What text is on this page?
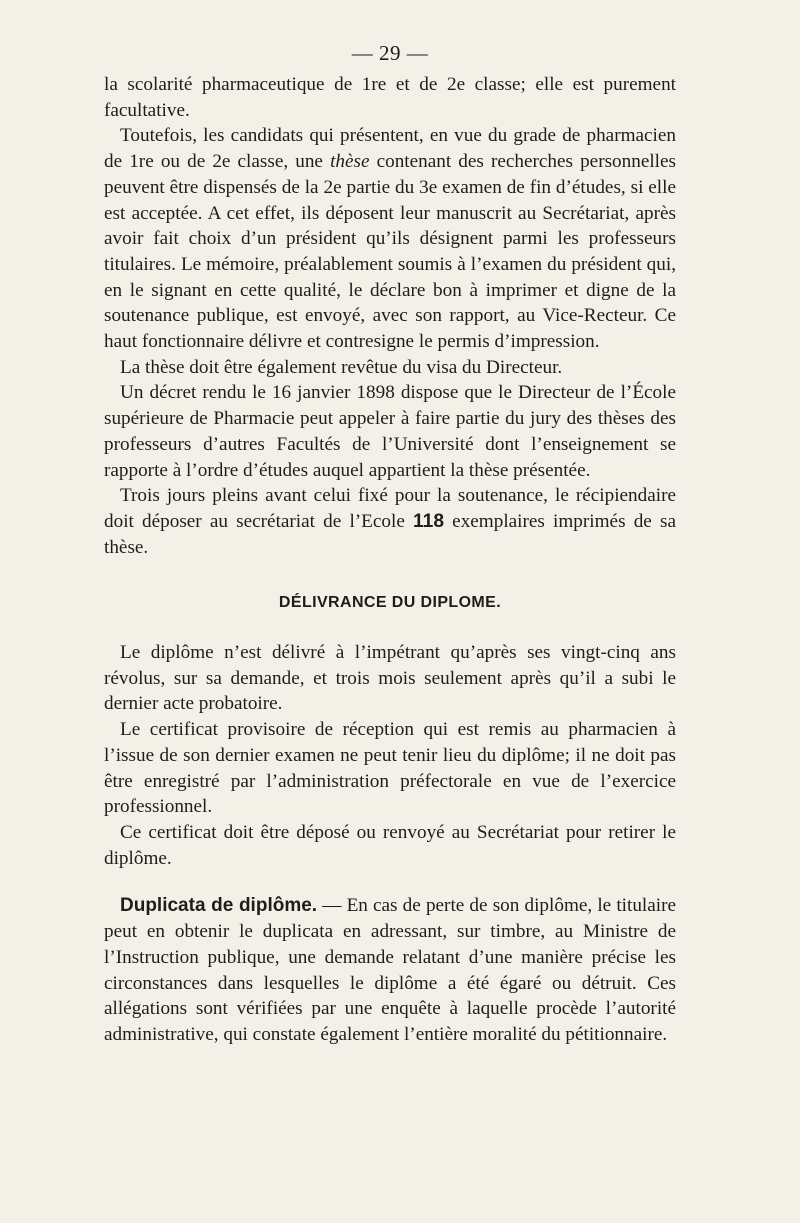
— 29 —

la scolarité pharmaceutique de 1re et de 2e classe; elle est purement facultative.

Toutefois, les candidats qui présentent, en vue du grade de pharmacien de 1re ou de 2e classe, une thèse contenant des recherches personnelles peuvent être dispensés de la 2e partie du 3e examen de fin d’études, si elle est acceptée. A cet effet, ils déposent leur manuscrit au Secrétariat, après avoir fait choix d’un président qu’ils désignent parmi les professeurs titulaires. Le mémoire, préalablement soumis à l’examen du président qui, en le signant en cette qualité, le déclare bon à imprimer et digne de la soutenance publique, est envoyé, avec son rapport, au Vice-Recteur. Ce haut fonctionnaire délivre et contresigne le permis d’impression.

La thèse doit être également revêtue du visa du Directeur.

Un décret rendu le 16 janvier 1898 dispose que le Directeur de l’École supérieure de Pharmacie peut appeler à faire partie du jury des thèses des professeurs d’autres Facultés de l’Université dont l’enseignement se rapporte à l’ordre d’études auquel appartient la thèse présentée.

Trois jours pleins avant celui fixé pour la soutenance, le récipiendaire doit déposer au secrétariat de l’Ecole 118 exemplaires imprimés de sa thèse.

DÉLIVRANCE DU DIPLOME.

Le diplôme n’est délivré à l’impétrant qu’après ses vingt-cinq ans révolus, sur sa demande, et trois mois seulement après qu’il a subi le dernier acte probatoire.

Le certificat provisoire de réception qui est remis au pharmacien à l’issue de son dernier examen ne peut tenir lieu du diplôme; il ne doit pas être enregistré par l’administration préfectorale en vue de l’exercice professionnel.

Ce certificat doit être déposé ou renvoyé au Secrétariat pour retirer le diplôme.

Duplicata de diplôme. — En cas de perte de son diplôme, le titulaire peut en obtenir le duplicata en adressant, sur timbre, au Ministre de l’Instruction publique, une demande relatant d’une manière précise les circonstances dans lesquelles le diplôme a été égaré ou détruit. Ces allégations sont vérifiées par une enquête à laquelle procède l’autorité administrative, qui constate également l’entière moralité du pétitionnaire.
